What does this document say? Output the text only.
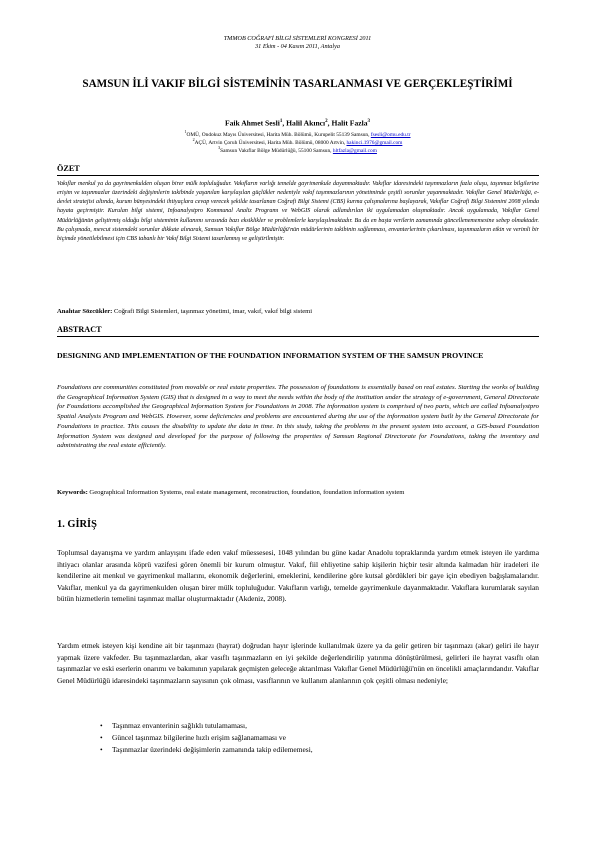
TMMOB COĞRAFİ BİLGİ SİSTEMLERİ KONGRESİ 2011
31 Ekim - 04 Kasım 2011, Antalya
SAMSUN İLİ VAKIF BİLGİ SİSTEMİNİN TASARLANMASI VE GERÇEKLEŞTİRİMİ
Faik Ahmet Sesli$^1$, Halil Akıncı$^2$, Halit Fazla$^3$
$^1$OMÜ, Ondokuz Mayıs Üniversitesi, Harita Müh. Bölümü, Kurupelit 55139 Samsun, fsesli@omu.edu.tr
$^2$AÇÜ, Artvin Çoruh Üniversitesi, Harita Müh. Bölümü, 08000 Artvin, hakinci.1976@gmail.com
$^3$Samsun Vakıflar Bölge Müdürlüğü, 55100 Samsun, hltfazla@gmail.com
ÖZET
Vakıflar menkul ya da gayrimenkulden oluşan birer mülk topluluğudur. Vakıfların varlığı temelde gayrimenkule dayanmaktadır. Vakıflar idaresindeki taşınmazların fazla oluşu, taşınmaz bilgilerine erişim ve taşınmazlar üzerindeki değişimlerin takibinde yaşanılan karşılaşılan güçlükler nedeniyle vakıf taşınmazlarının yönetiminde çeşitli sorunlar yaşanmaktadır. Vakıflar Genel Müdürlüğü, e-devlet stratejisi altında, kurum bünyesindeki ihtiyaçlara cevap verecek şekilde tasarlanan Coğrafi Bilgi Sistemi (CBS) kurma çalışmalarına başlayarak, Vakıflar Coğrafi Bilgi Sistemini 2008 yılında hayata geçirmiştir. Kurulan bilgi sistemi, Infoanalystpro Kommunal Analiz Programı ve WebGIS olarak adlandırılan iki uygulamadan oluşmaktadır. Ancak uygulamada, Vakıflar Genel Müdürlüğünün geliştirmiş olduğu bilgi sisteminin kullanımı sırasında bazı eksiklikler ve problemlerle karşılaşılmaktadır. Bu da en başta verilerin zamanında güncellenememesine sebep olmaktadır. Bu çalışmada, mevcut sistemdeki sorunlar dikkate alınarak, Samsun Vakıflar Bölge Müdürlüğü'nün müdürlerinin takibinin sağlanması, envanterlerinin çıkarılması, taşınmazların etkin ve verimli bir biçimde yönetilebilmesi için CBS tabanlı bir Vakıf Bilgi Sistemi tasarlanmış ve geliştirilmiştir.
Anahtar Sözcükler: Coğrafi Bilgi Sistemleri, taşınmaz yönetimi, imar, vakıf, vakıf bilgi sistemi
ABSTRACT
DESIGNING AND IMPLEMENTATION OF THE FOUNDATION INFORMATION SYSTEM OF THE SAMSUN PROVINCE
Foundations are communities constituted from movable or real estate properties. The possession of foundations is essentially based on real estates. Starting the works of building the Geographical Information System (GIS) that is designed in a way to meet the needs within the body of the institution under the strategy of e-government, General Directorate for Foundations accomplished the Geographical Information System for Foundations in 2008. The information system is comprised of two parts, which are called Infoanalystpro Spatial Analysis Program and WebGIS. However, some deficiencies and problems are encountered during the use of the information system built by the General Directorate for Foundations in practice. This causes the disability to update the data in time. In this study, taking the problems in the present system into account, a GIS-based Foundation Information System was designed and developed for the purpose of following the properties of Samsun Regional Directorate for Foundations, taking the inventory and administrating the real estate efficiently.
Keywords: Geographical Information Systems, real estate management, reconstruction, foundation, foundation information system
1. GİRİŞ
Toplumsal dayanışma ve yardım anlayışını ifade eden vakıf müessesesi, 1048 yılından bu güne kadar Anadolu topraklarında yardım etmek isteyen ile yardıma ihtiyacı olanlar arasında köprü vazifesi gören önemli bir kurum olmuştur. Vakıf, fiil ehliyetine sahip kişilerin hiçbir tesir altında kalmadan hür iradeleri ile kendilerine ait menkul ve gayrimenkul mallarını, ekonomik değerlerini, emeklerini, kendilerine göre kutsal gördükleri bir gaye için ebediyen bağışlamalarıdır. Vakıflar, menkul ya da gayrimenkulden oluşan birer mülk topluluğudur. Vakıfların varlığı, temelde gayrimenkule dayanmaktadır. Vakıflara kurumlarak sayılan bütün hizmetlerin temelini taşınmaz mallar oluşturmaktadır (Akdeniz, 2008).
Yardım etmek isteyen kişi kendine ait bir taşınmazı (hayrat) doğrudan hayır işlerinde kullanılmak üzere ya da gelir getiren bir taşınmazı (akar) geliri ile hayır yapmak üzere vakfeder. Bu taşınmazlardan, akar vasıflı taşınmazların en iyi şekilde değerlendirilip yatırıma dönüştürülmesi, gelirleri ile hayrat vasıflı olan taşınmazlar ve eski eserlerin onarımı ve bakımının yapılarak geçmişten geleceğe aktarılması Vakıflar Genel Müdürlüğü'nün en öncelikli amaçlarındandır. Vakıflar Genel Müdürlüğü idaresindeki taşınmazların sayısının çok olması, vasıflarının ve kullanım alanlarının çok çeşitli olması nedeniyle;
• Taşınmaz envanterinin sağlıklı tutulamaması,
• Güncel taşınmaz bilgilerine hızlı erişim sağlanamaması ve
• Taşınmazlar üzerindeki değişimlerin zamanında takip edilememesi,
